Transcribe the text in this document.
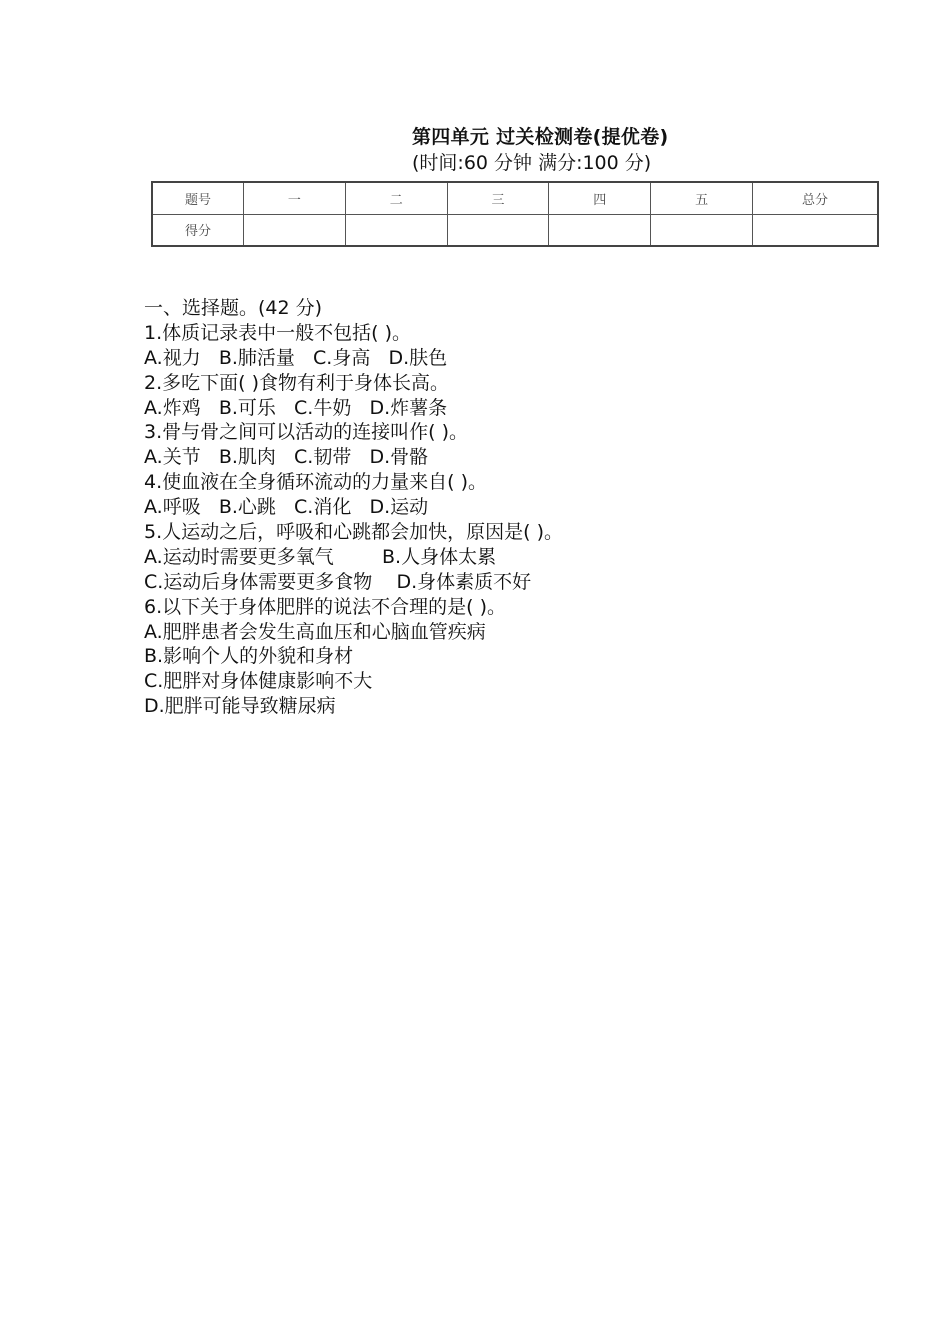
第四单元 过关检测卷(提优卷)
(时间:60 分钟 满分:100 分)
题号	一	二	三	四	五	总分
得分						
一、选择题。(42 分)
1.体质记录表中一般不包括( )。
A.视力   B.肺活量   C.身高   D.肤色
2.多吃下面( )食物有利于身体长高。
A.炸鸡   B.可乐   C.牛奶   D.炸薯条
3.骨与骨之间可以活动的连接叫作( )。
A.关节   B.肌肉   C.韧带   D.骨骼
4.使血液在全身循环流动的力量来自( )。
A.呼吸   B.心跳   C.消化   D.运动
5.人运动之后，呼吸和心跳都会加快，原因是( )。
A.运动时需要更多氧气        B.人身体太累
C.运动后身体需要更多食物    D.身体素质不好
6.以下关于身体肥胖的说法不合理的是( )。
A.肥胖患者会发生高血压和心脑血管疾病
B.影响个人的外貌和身材
C.肥胖对身体健康影响不大
D.肥胖可能导致糖尿病
